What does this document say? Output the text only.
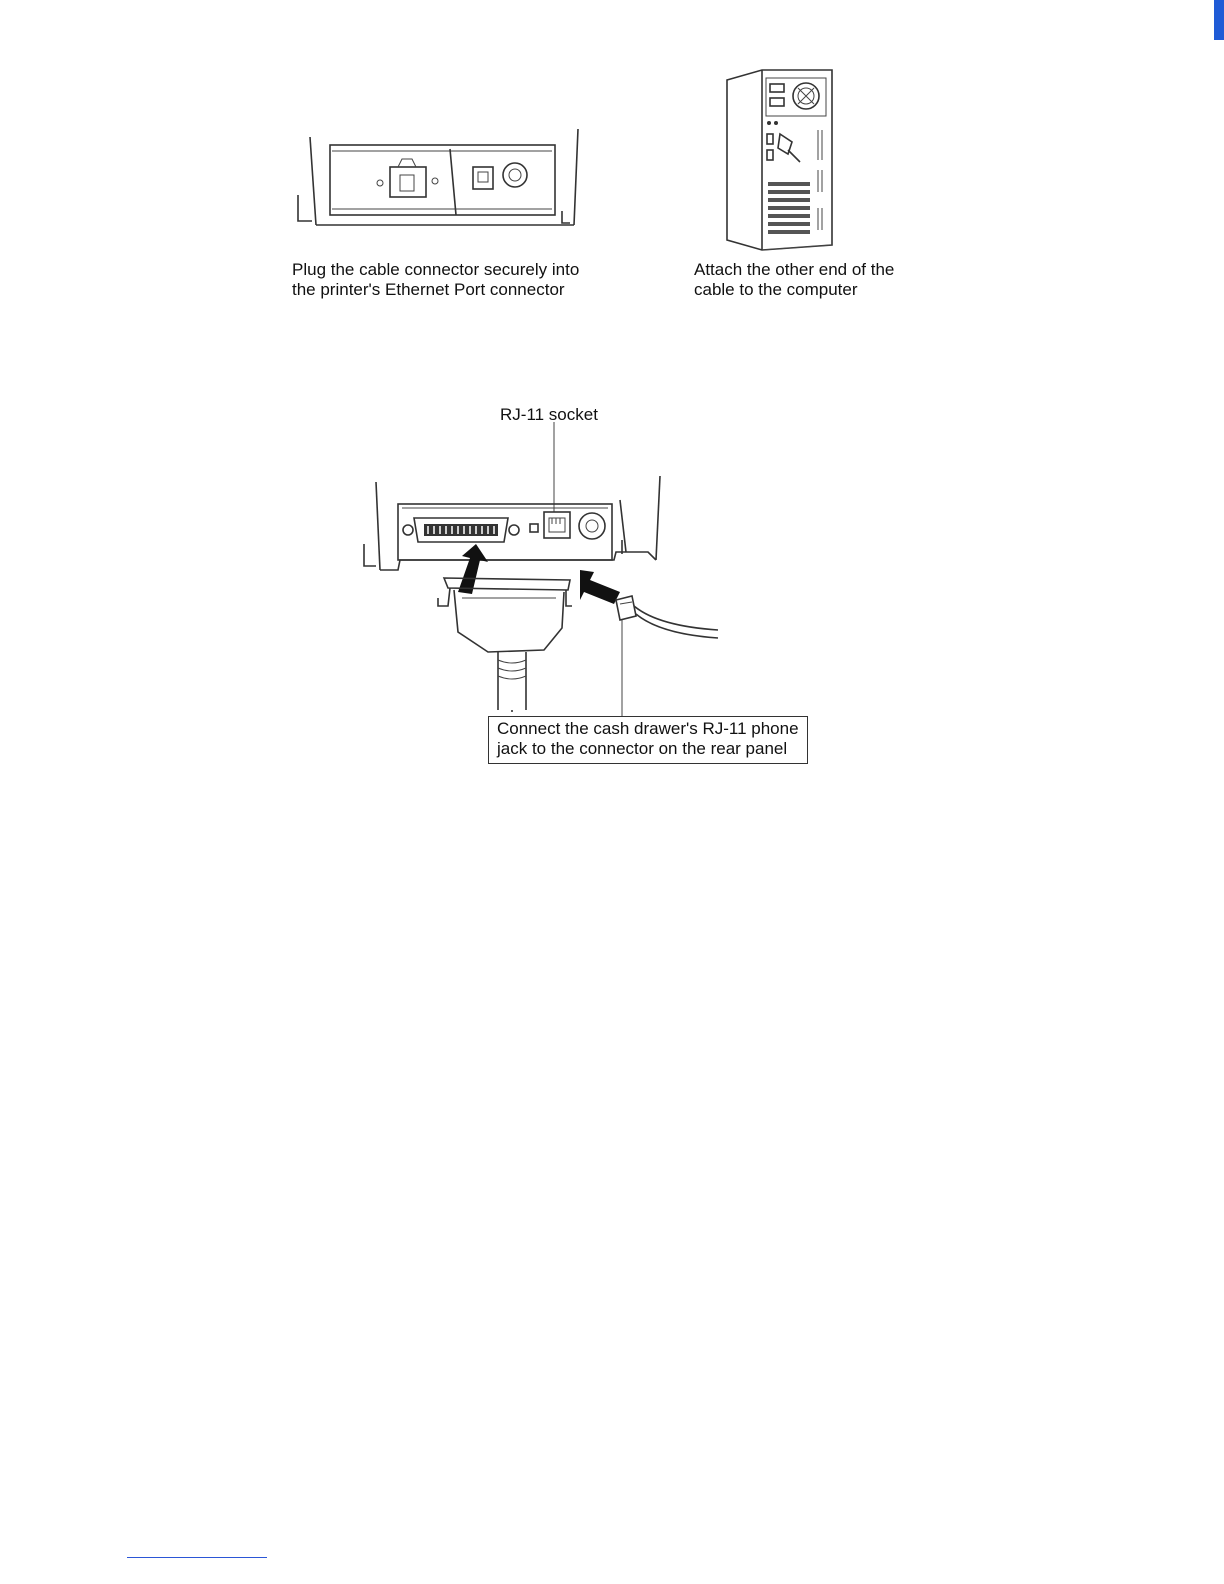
Plug the cable connector securely into
the printer's Ethernet Port connector
Attach the other end of the
cable to the computer
RJ-11 socket
Connect the cash drawer's RJ-11 phone
jack to the connector on the rear panel
